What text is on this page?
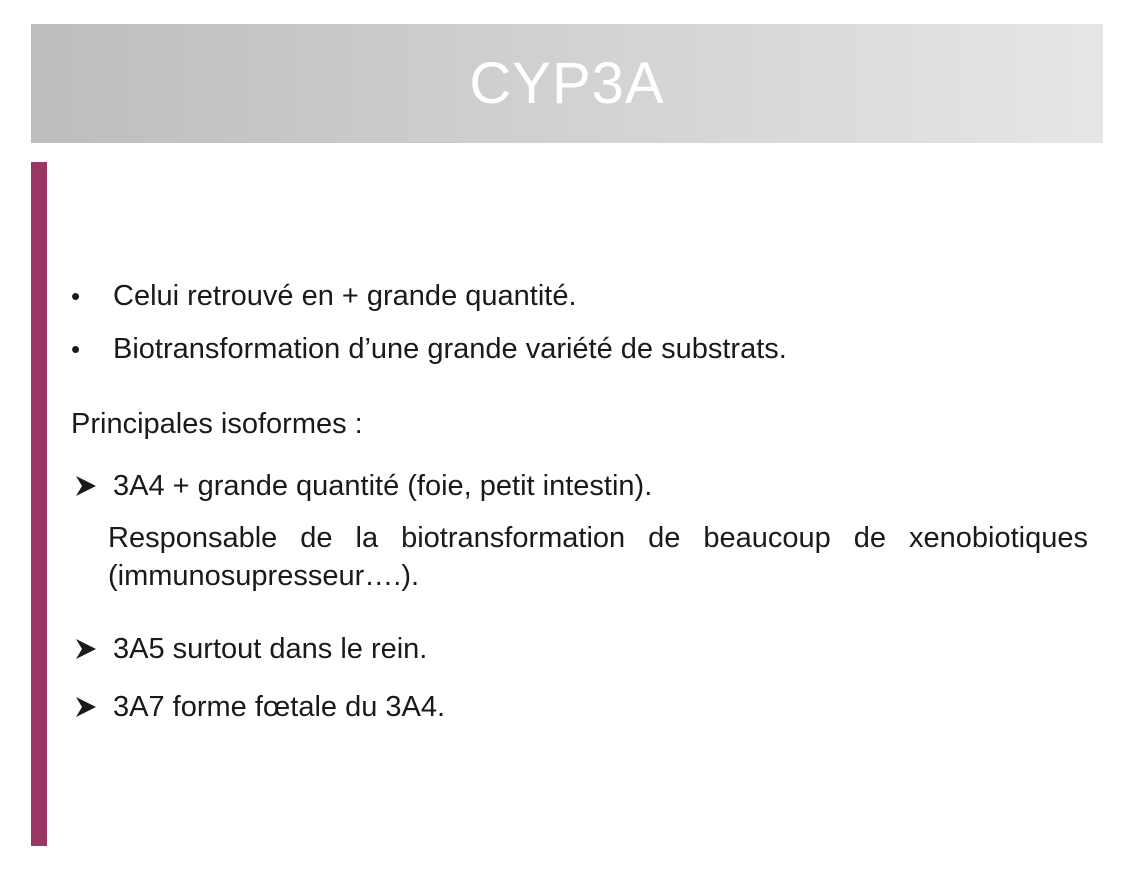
CYP3A
• Celui retrouvé en + grande quantité.
• Biotransformation d’une grande variété de substrats.
Principales isoformes :
3A4 + grande quantité (foie, petit intestin).
Responsable de la biotransformation de beaucoup de xenobiotiques (immunosupresseur….).
3A5 surtout dans le rein.
3A7 forme fœtale du 3A4.
